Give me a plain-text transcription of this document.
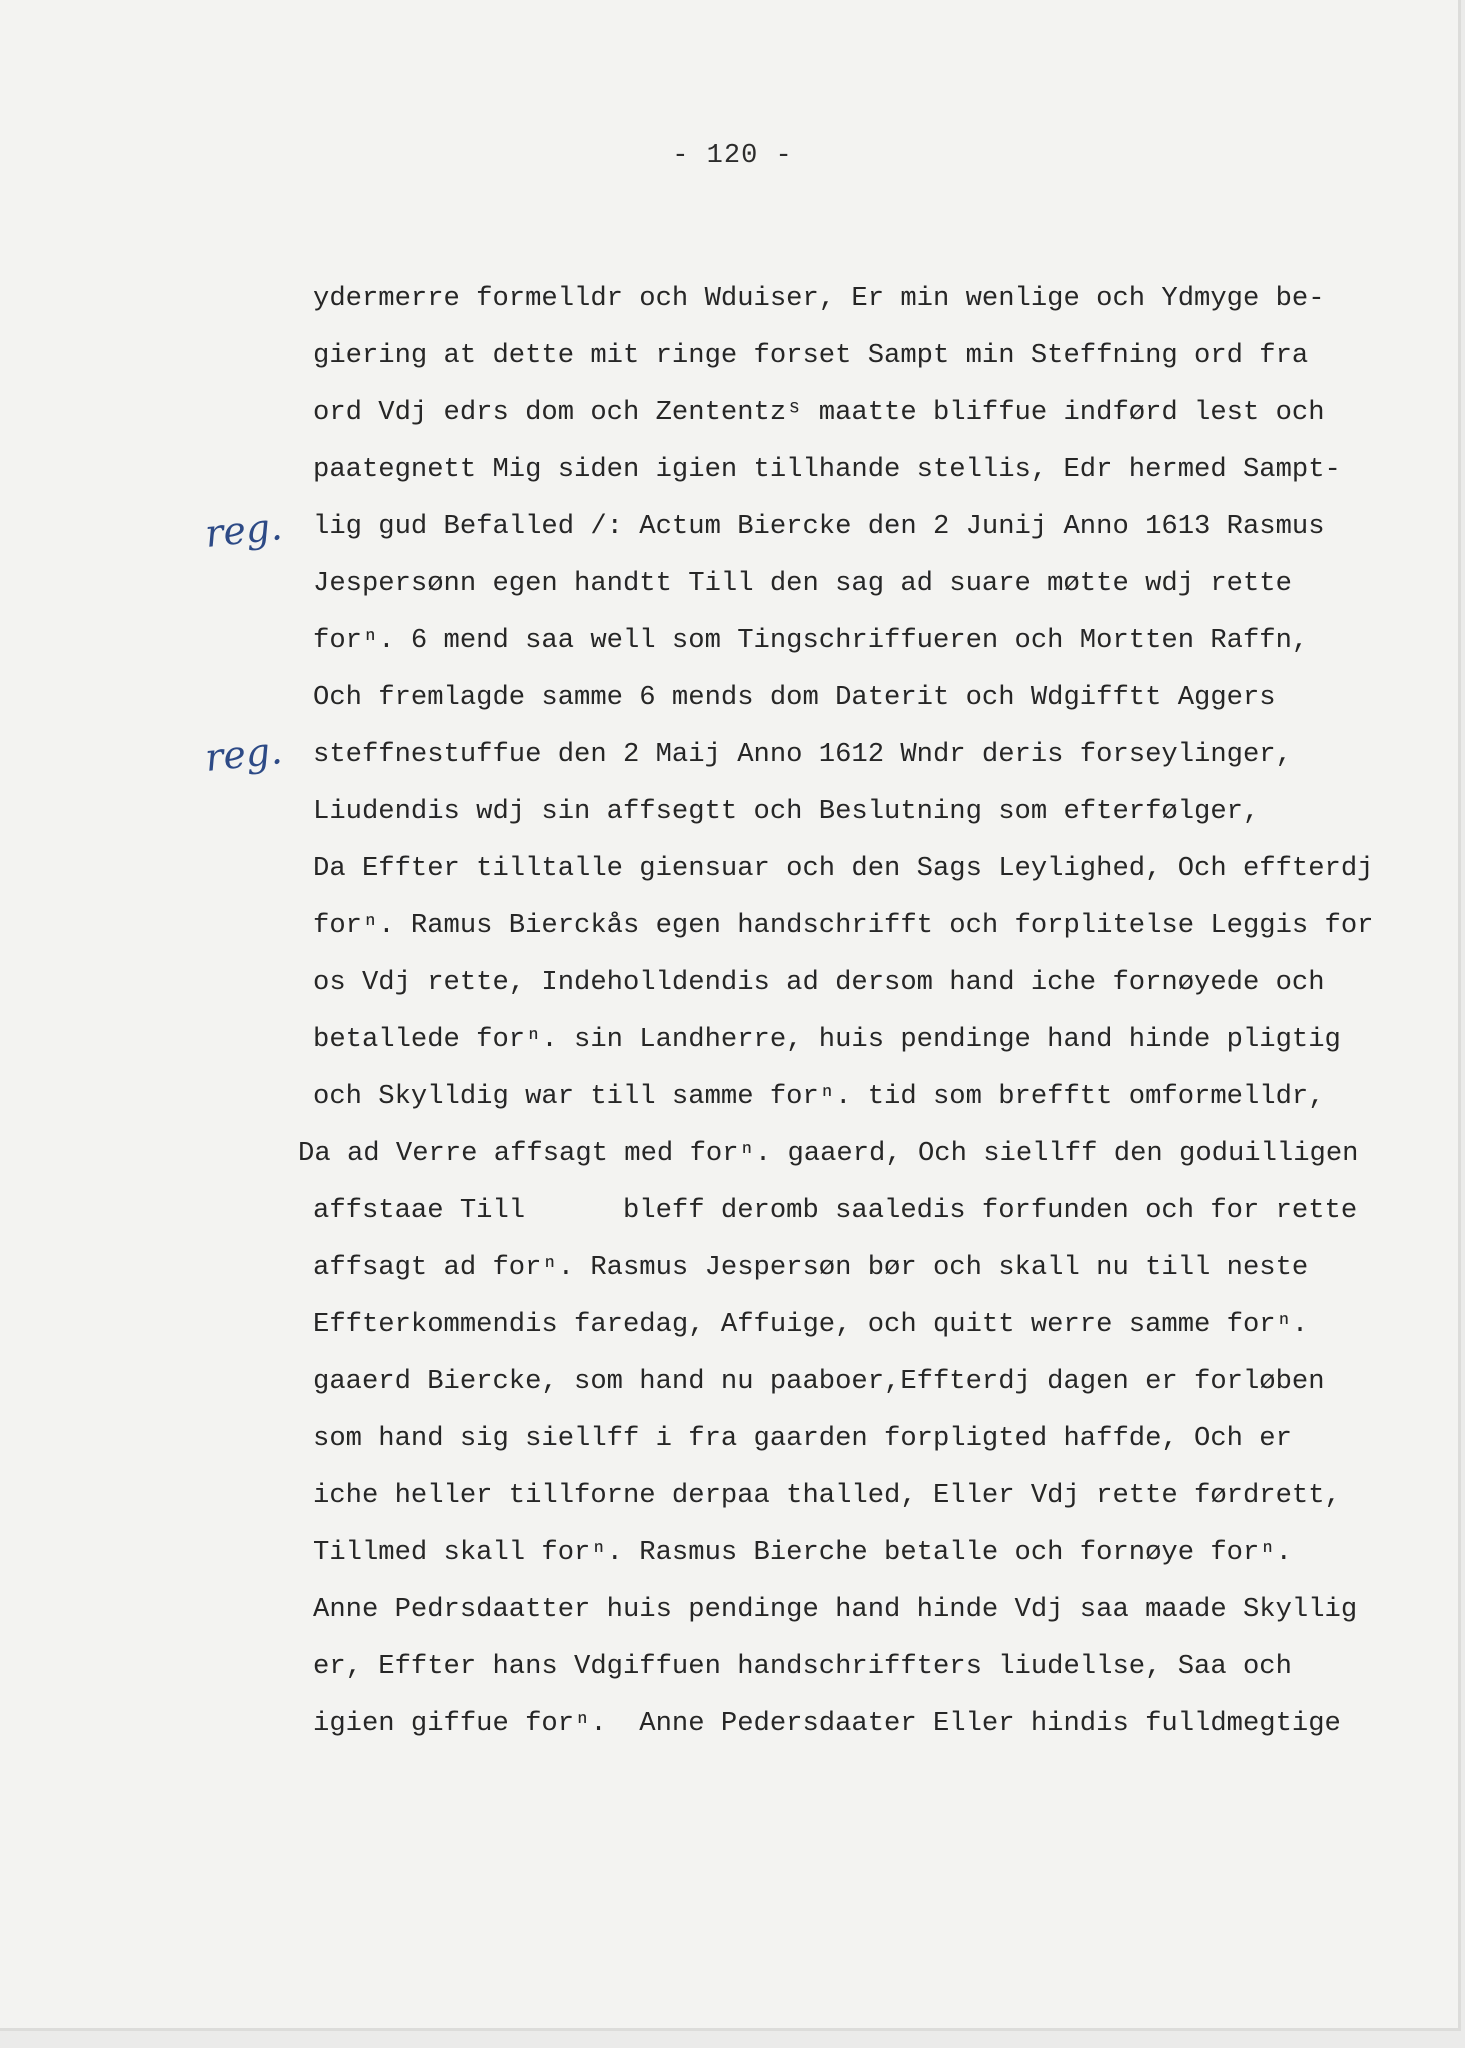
- 120 -
reg.
reg.
ydermerre formelldr och Wduiser, Er min wenlige och Ydmyge be-
giering at dette mit ringe forset Sampt min Steffning ord fra
ord Vdj edrs dom och Zententzˢ maatte bliffue indførd lest och
paategnett Mig siden igien tillhande stellis, Edr hermed Sampt-
lig gud Befalled /: Actum Biercke den 2 Junij Anno 1613 Rasmus
Jespersønn egen handtt Till den sag ad suare møtte wdj rette
forⁿ. 6 mend saa well som Tingschriffueren och Mortten Raffn,
Och fremlagde samme 6 mends dom Daterit och Wdgifftt Aggers
steffnestuffue den 2 Maij Anno 1612 Wndr deris forseylinger,
Liudendis wdj sin affsegtt och Beslutning som efterfølger,
Da Effter tilltalle giensuar och den Sags Leylighed, Och effterdj
forⁿ. Ramus Bierckås egen handschrifft och forplitelse Leggis for
os Vdj rette, Indeholldendis ad dersom hand iche fornøyede och
betallede forⁿ. sin Landherre, huis pendinge hand hinde pligtig
och Skylldig war till samme forⁿ. tid som brefftt omformelldr,
Da ad Verre affsagt med forⁿ. gaaerd, Och siellff den goduilligen
affstaae Till      bleff deromb saaledis forfunden och for rette
affsagt ad forⁿ. Rasmus Jespersøn bør och skall nu till neste
Effterkommendis faredag, Affuige, och quitt werre samme forⁿ.
gaaerd Biercke, som hand nu paaboer,Effterdj dagen er forløben
som hand sig siellff i fra gaarden forpligted haffde, Och er
iche heller tillforne derpaa thalled, Eller Vdj rette førdrett,
Tillmed skall forⁿ. Rasmus Bierche betalle och fornøye forⁿ.
Anne Pedrsdaatter huis pendinge hand hinde Vdj saa maade Skyllig
er, Effter hans Vdgiffuen handschriffters liudellse, Saa och
igien giffue forⁿ.  Anne Pedersdaater Eller hindis fulldmegtige
